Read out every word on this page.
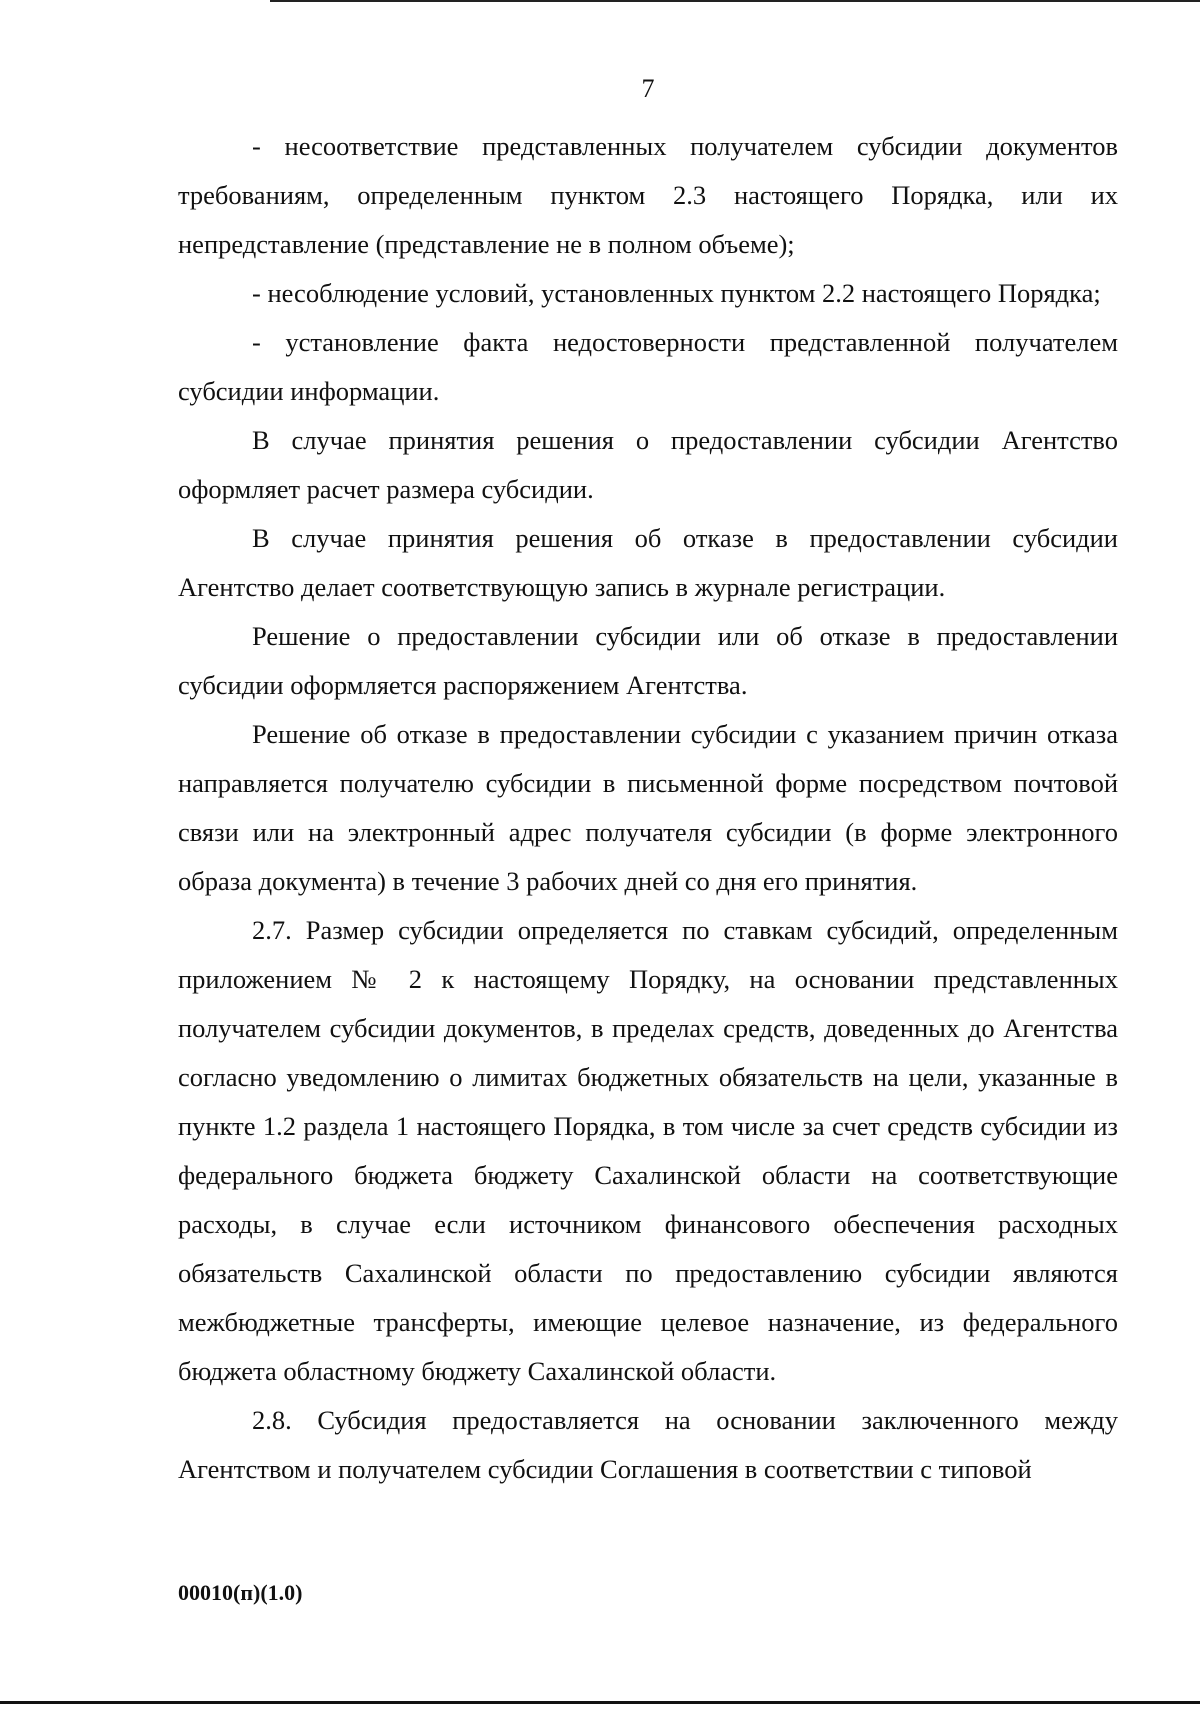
7

- несоответствие представленных получателем субсидии документов требованиям, определенным пунктом 2.3 настоящего Порядка, или их непредставление (представление не в полном объеме);

- несоблюдение условий, установленных пунктом 2.2 настоящего Порядка;

- установление факта недостоверности представленной получателем субсидии информации.

В случае принятия решения о предоставлении субсидии Агентство оформляет расчет размера субсидии.

В случае принятия решения об отказе в предоставлении субсидии Агентство делает соответствующую запись в журнале регистрации.

Решение о предоставлении субсидии или об отказе в предоставлении субсидии оформляется распоряжением Агентства.

Решение об отказе в предоставлении субсидии с указанием причин отказа направляется получателю субсидии в письменной форме посредством почтовой связи или на электронный адрес получателя субсидии (в форме электронного образа документа) в течение 3 рабочих дней со дня его принятия.

2.7. Размер субсидии определяется по ставкам субсидий, определенным приложением № 2 к настоящему Порядку, на основании представленных получателем субсидии документов, в пределах средств, доведенных до Агентства согласно уведомлению о лимитах бюджетных обязательств на цели, указанные в пункте 1.2 раздела 1 настоящего Порядка, в том числе за счет средств субсидии из федерального бюджета бюджету Сахалинской области на соответствующие расходы, в случае если источником финансового обеспечения расходных обязательств Сахалинской области по предоставлению субсидии являются межбюджетные трансферты, имеющие целевое назначение, из федерального бюджета областному бюджету Сахалинской области.

2.8. Субсидия предоставляется на основании заключенного между Агентством и получателем субсидии Соглашения в соответствии с типовой

00010(п)(1.0)
